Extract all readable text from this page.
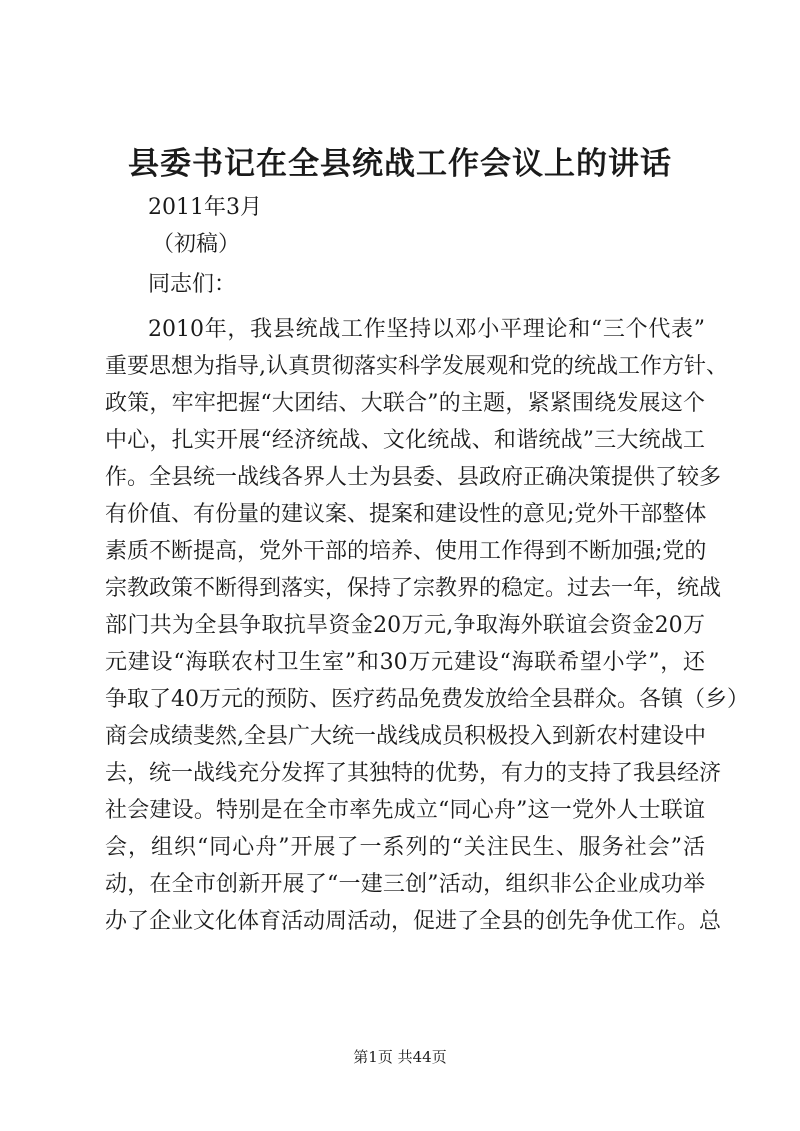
县委书记在全县统战工作会议上的讲话
2011年3月
（初稿）
同志们：
2010年，我县统战工作坚持以邓小平理论和“三个代表”
重要思想为指导,认真贯彻落实科学发展观和党的统战工作方针、
政策，牢牢把握“大团结、大联合”的主题，紧紧围绕发展这个
中心，扎实开展“经济统战、文化统战、和谐统战”三大统战工
作。全县统一战线各界人士为县委、县政府正确决策提供了较多
有价值、有份量的建议案、提案和建设性的意见;党外干部整体
素质不断提高，党外干部的培养、使用工作得到不断加强;党的
宗教政策不断得到落实，保持了宗教界的稳定。过去一年，统战
部门共为全县争取抗旱资金20万元,争取海外联谊会资金20万
元建设“海联农村卫生室”和30万元建设“海联希望小学”，还
争取了40万元的预防、医疗药品免费发放给全县群众。各镇（乡）
商会成绩斐然,全县广大统一战线成员积极投入到新农村建设中
去，统一战线充分发挥了其独特的优势，有力的支持了我县经济
社会建设。特别是在全市率先成立“同心舟”这一党外人士联谊
会，组织“同心舟”开展了一系列的“关注民生、服务社会”活
动，在全市创新开展了“一建三创”活动，组织非公企业成功举
办了企业文化体育活动周活动，促进了全县的创先争优工作。总
第1页 共44页
